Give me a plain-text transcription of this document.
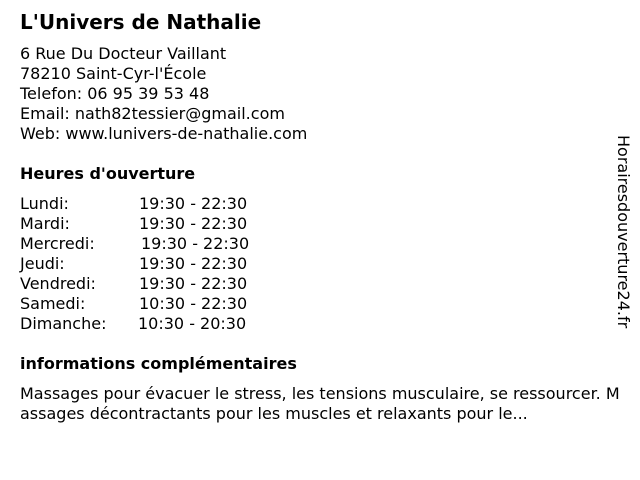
L'Univers de Nathalie
6 Rue Du Docteur Vaillant
78210 Saint-Cyr-l'École
Telefon: 06 95 39 53 48
Email: nath82tessier@gmail.com
Web: www.lunivers-de-nathalie.com
Heures d'ouverture
Lundi:	19:30 - 22:30
Mardi:	19:30 - 22:30
Mercredi:	19:30 - 22:30
Jeudi:	19:30 - 22:30
Vendredi:	19:30 - 22:30
Samedi:	10:30 - 22:30
Dimanche: 10:30 - 20:30
informations complémentaires
Massages pour évacuer le stress, les tensions musculaire, se ressourcer. Massages décontractants pour les muscles et relaxants pour le...
Horairesdouverture24.fr
